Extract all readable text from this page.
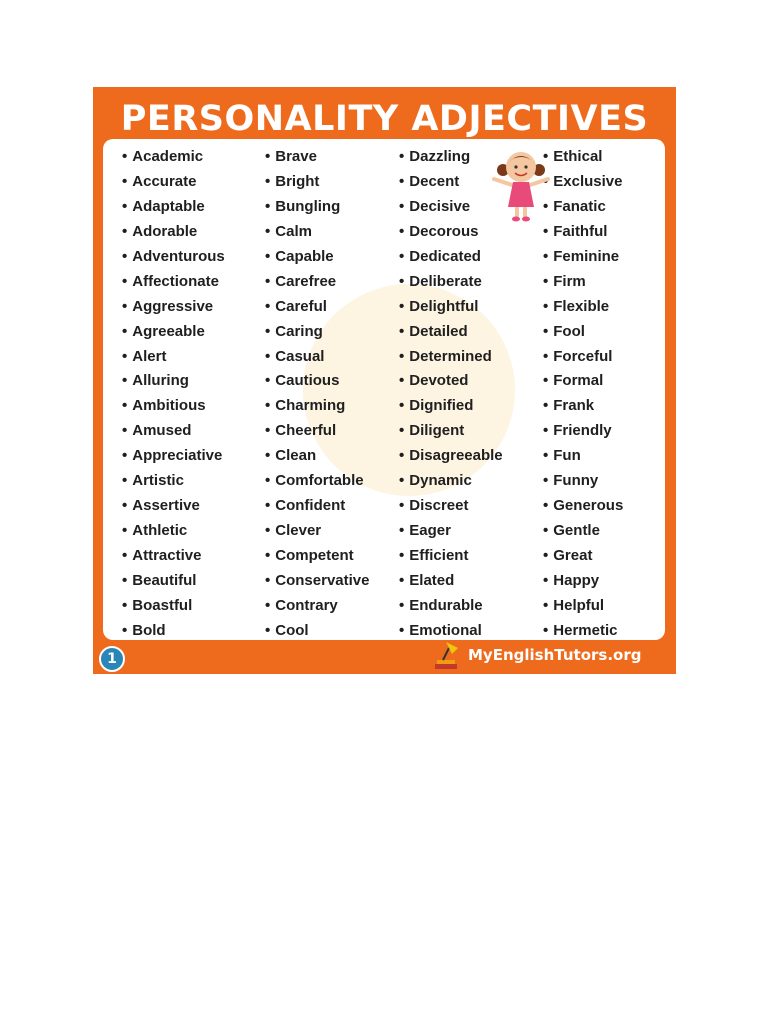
PERSONALITY ADJECTIVES
• Academic
• Accurate
• Adaptable
• Adorable
• Adventurous
• Affectionate
• Aggressive
• Agreeable
• Alert
• Alluring
• Ambitious
• Amused
• Appreciative
• Artistic
• Assertive
• Athletic
• Attractive
• Beautiful
• Boastful
• Bold
• Brave
• Bright
• Bungling
• Calm
• Capable
• Carefree
• Careful
• Caring
• Casual
• Cautious
• Charming
• Cheerful
• Clean
• Comfortable
• Confident
• Clever
• Competent
• Conservative
• Contrary
• Cool
• Dazzling
• Decent
• Decisive
• Decorous
• Dedicated
• Deliberate
• Delightful
• Detailed
• Determined
• Devoted
• Dignified
• Diligent
• Disagreeable
• Dynamic
• Discreet
• Eager
• Efficient
• Elated
• Endurable
• Emotional
• Ethical
• Exclusive
• Fanatic
• Faithful
• Feminine
• Firm
• Flexible
• Fool
• Forceful
• Formal
• Frank
• Friendly
• Fun
• Funny
• Generous
• Gentle
• Great
• Happy
• Helpful
• Hermetic
1	MyEnglishTutors.org
